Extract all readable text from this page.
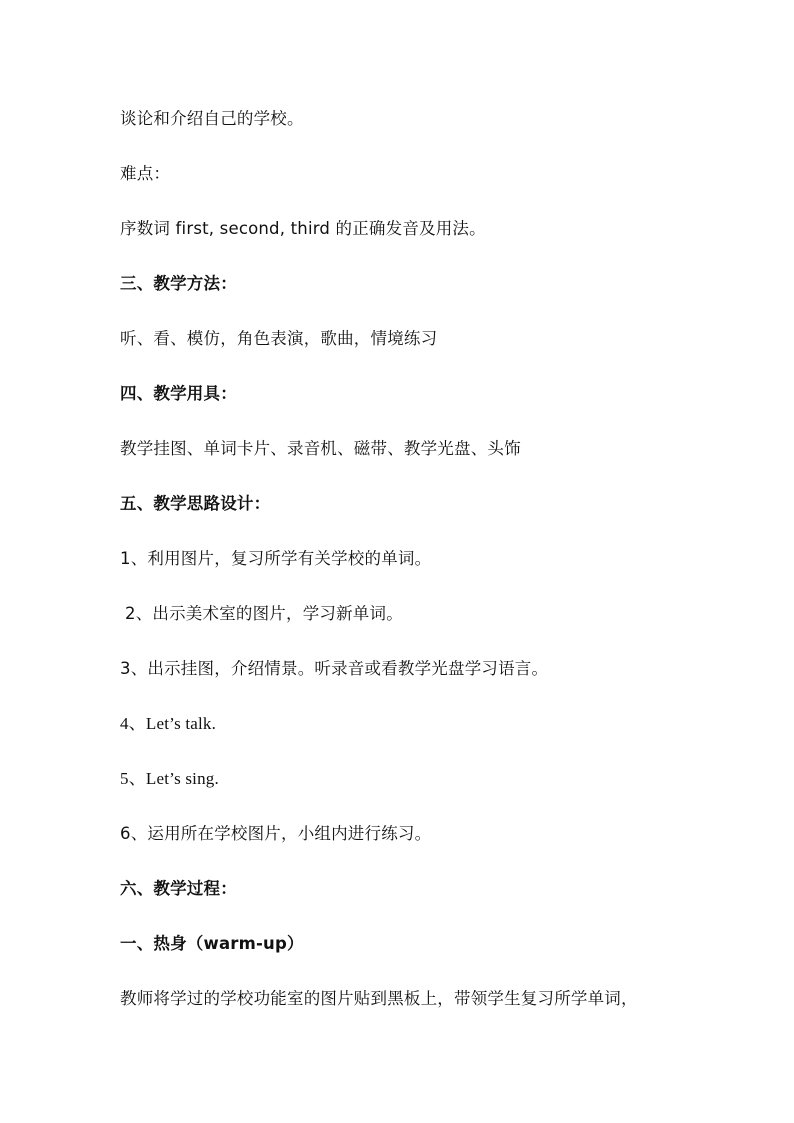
谈论和介绍自己的学校。
难点：
序数词 first, second, third 的正确发音及用法。
三、教学方法：
听、看、模仿，角色表演，歌曲，情境练习
四、教学用具：
教学挂图、单词卡片、录音机、磁带、教学光盘、头饰
五、教学思路设计：
1、利用图片，复习所学有关学校的单词。
2、出示美术室的图片，学习新单词。
3、出示挂图，介绍情景。听录音或看教学光盘学习语言。
4、Let’s talk.
5、Let’s sing.
6、运用所在学校图片，小组内进行练习。
六、教学过程：
一、热身（warm-up）
教师将学过的学校功能室的图片贴到黑板上，带领学生复习所学单词，
